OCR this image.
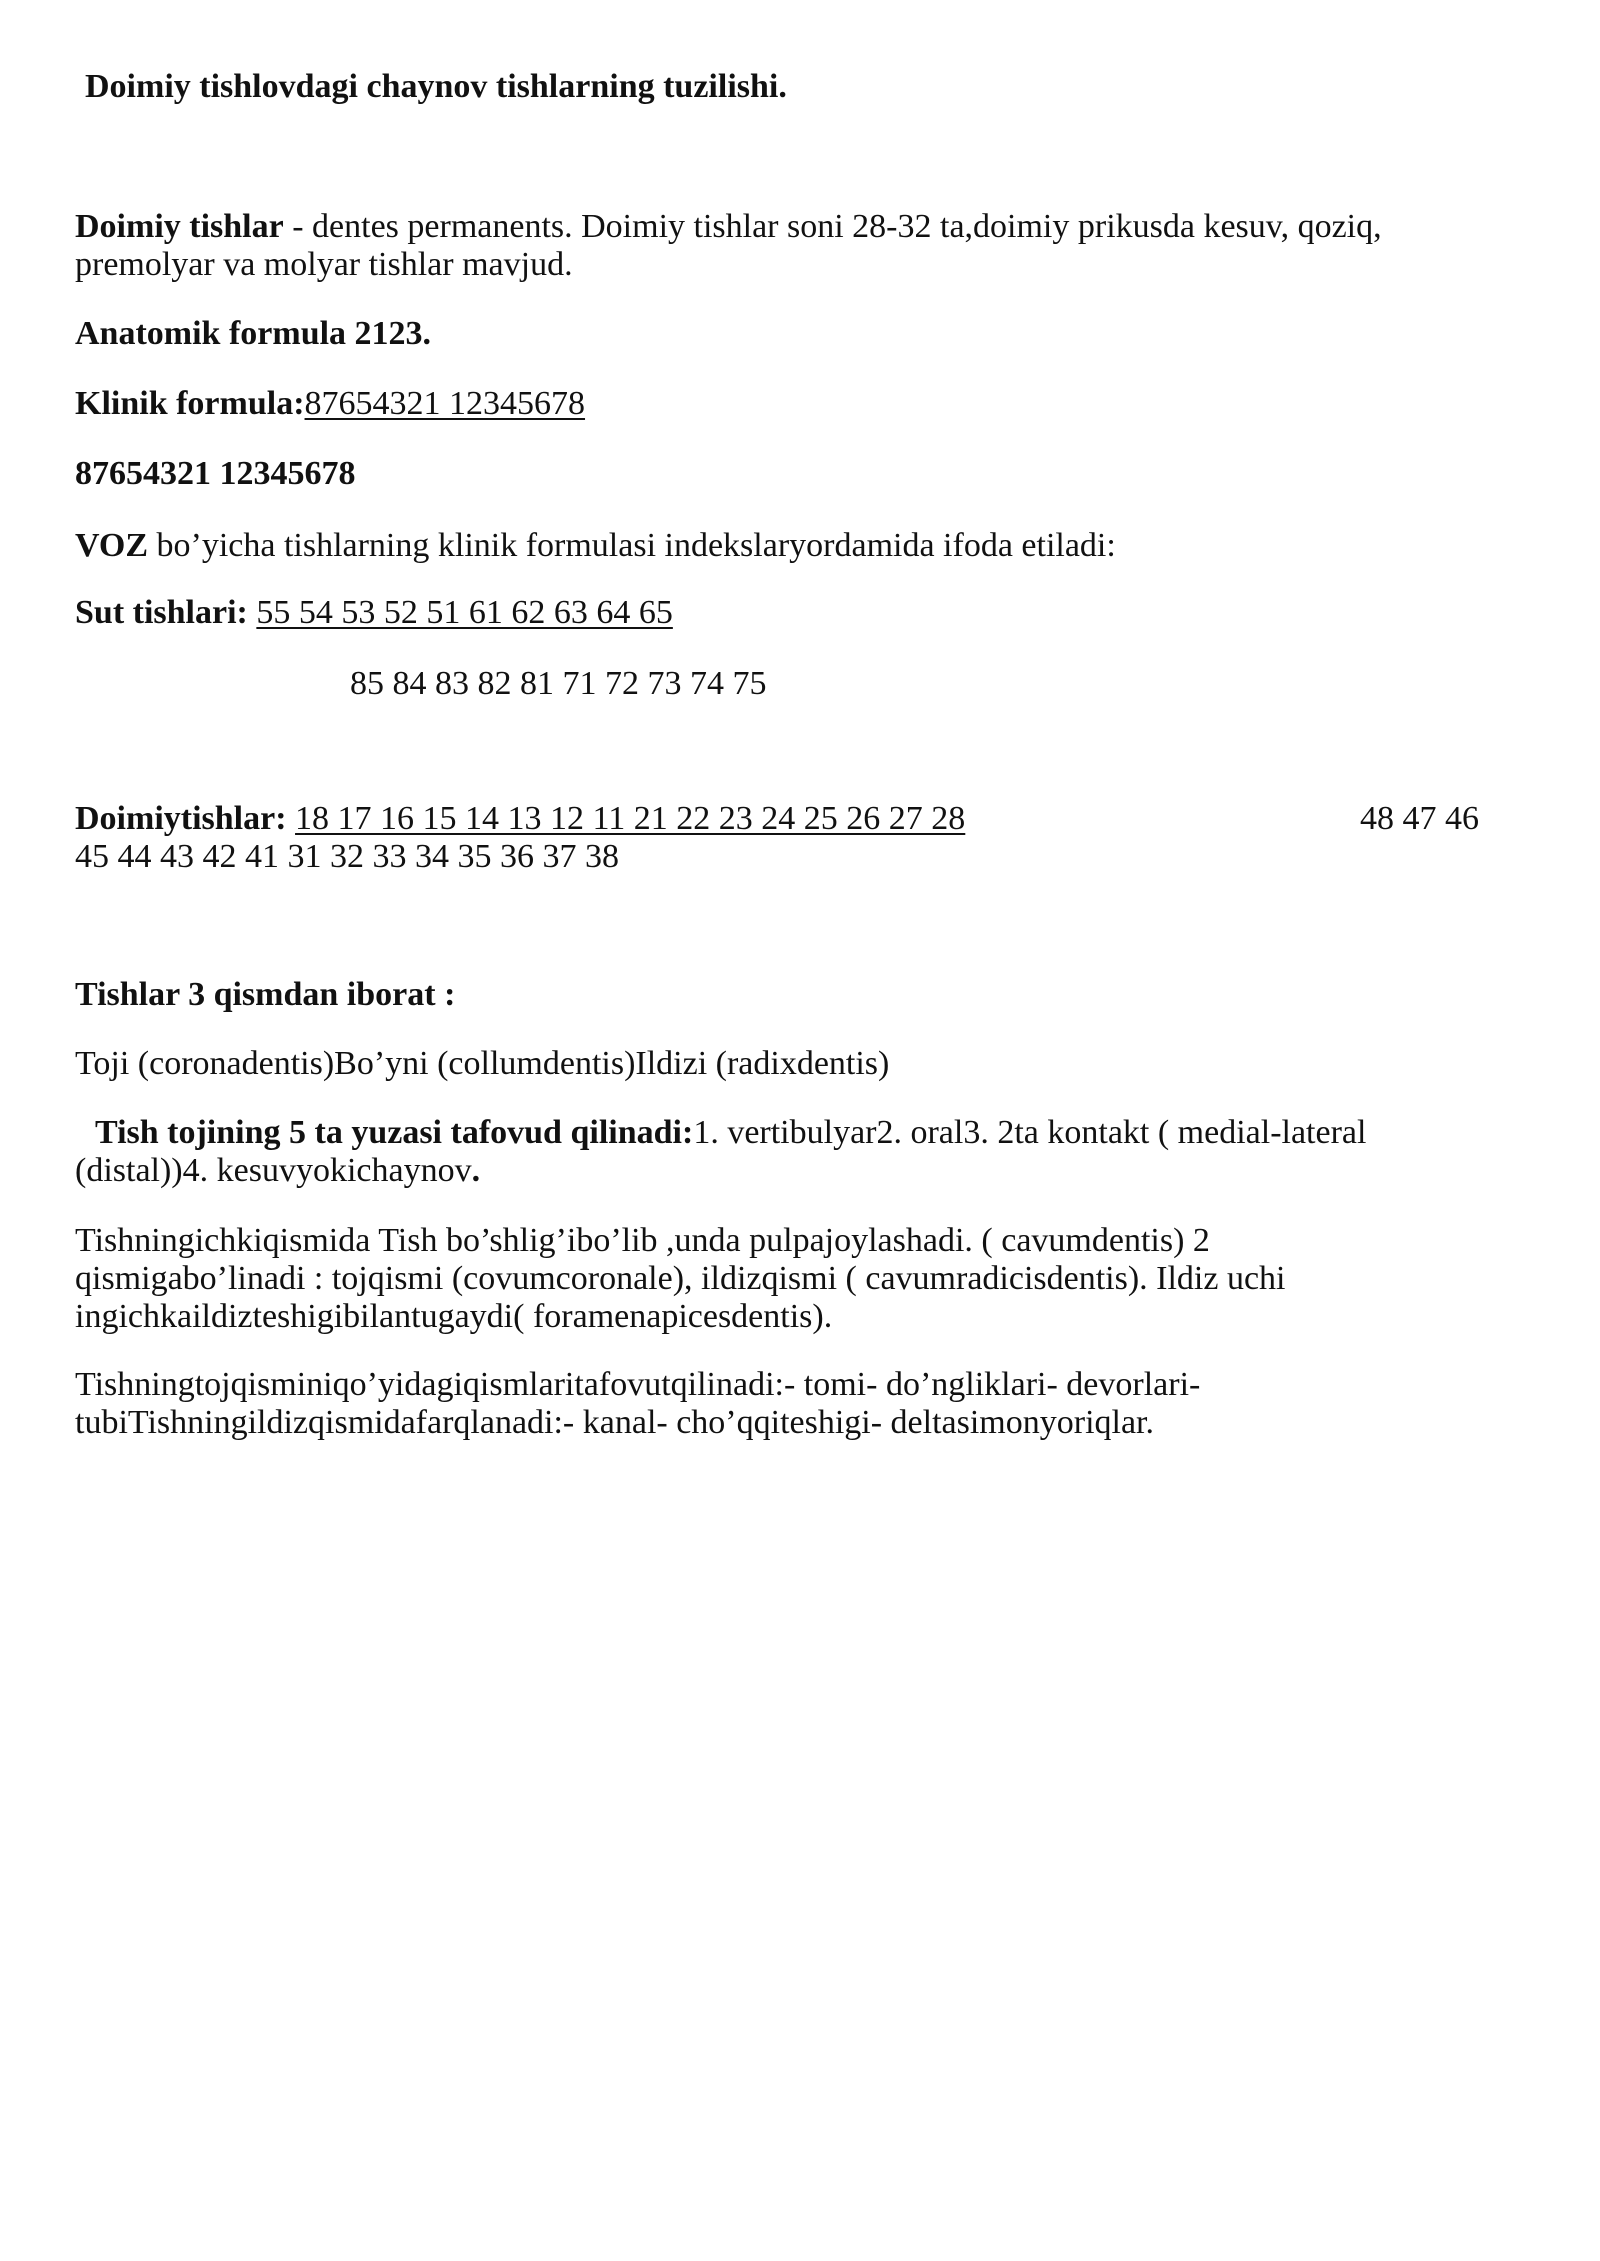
Doimiy tishlovdagi chaynov tishlarning tuzilishi.
Doimiy tishlar - dentes permanents. Doimiy tishlar soni 28-32 ta,doimiy prikusda kesuv, qoziq,
premolyar va molyar tishlar mavjud.
Anatomik formula 2123.
Klinik formula:87654321 12345678
87654321 12345678
VOZ bo’yicha tishlarning klinik formulasi indekslaryordamida ifoda etiladi:
Sut tishlari: 55 54 53 52 51 61 62 63 64 65
85 84 83 82 81 71 72 73 74 75
Doimiytishlar: 18 17 16 15 14 13 12 11 21 22 23 24 25 26 27 28	48 47 46
45 44 43 42 41 31 32 33 34 35 36 37 38
Tishlar 3 qismdan iborat :
Toji (coronadentis)Bo’yni (collumdentis)Ildizi (radixdentis)
Tish tojining 5 ta yuzasi tafovud qilinadi:1. vertibulyar2. oral3. 2ta kontakt ( medial-lateral
(distal))4. kesuvyokichaynov.
Tishningichkiqismida Tish bo’shlig’ibo’lib ,unda pulpajoylashadi. ( cavumdentis) 2
qismigabo’linadi : tojqismi (covumcoronale), ildizqismi ( cavumradicisdentis). Ildiz uchi
ingichkaildizteshigibilantugaydi( foramenapicesdentis).
Tishningtojqisminiqo’yidagiqismlaritafovutqilinadi:- tomi- do’ngliklari- devorlari-
tubiTishningildizqismidafarqlanadi:- kanal- cho’qqiteshigi- deltasimonyoriqlar.
